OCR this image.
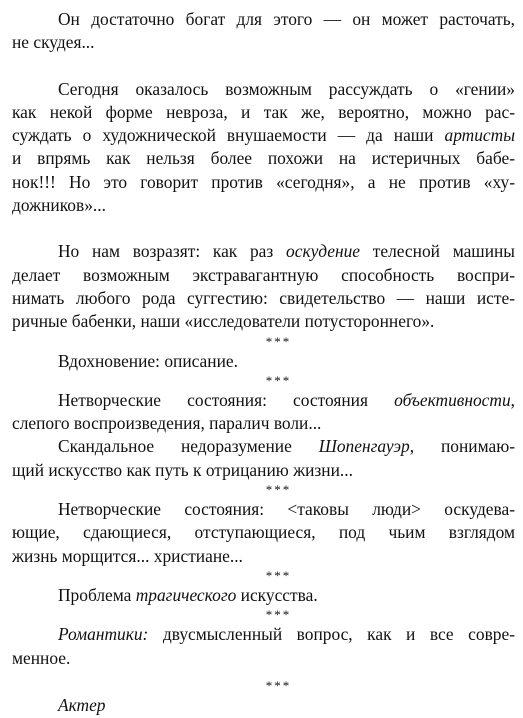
Он достаточно богат для этого — он может расточать,
не скудея...

Сегодня оказалось возможным рассуждать о «гении»
как некой форме невроза, и так же, вероятно, можно рас-
суждать о художнической внушаемости — да наши артисты
и впрямь как нельзя более похожи на истеричных бабе-
нок!!! Но это говорит против «сегодня», а не против «ху-
дожников»...

Но нам возразят: как раз оскудение телесной машины
делает возможным экстравагантную способность воспри-
нимать любого рода суггестию: свидетельство — наши исте-
ричные бабенки, наши «исследователи потустороннего».

***

Вдохновение: описание.

***

Нетворческие состояния: состояния объективности,
слепого воспроизведения, паралич воли...

Скандальное недоразумение Шопенгауэр, понимаю-
щий искусство как путь к отрицанию жизни...

***

Нетворческие состояния: <таковы люди> оскудева-
ющие, сдающиеся, отступающиеся, под чьим взглядом
жизнь морщится... христиане...

***

Проблема трагического искусства.

***

Романтики: двусмысленный вопрос, как и все совре-
менное.

***

Актер
